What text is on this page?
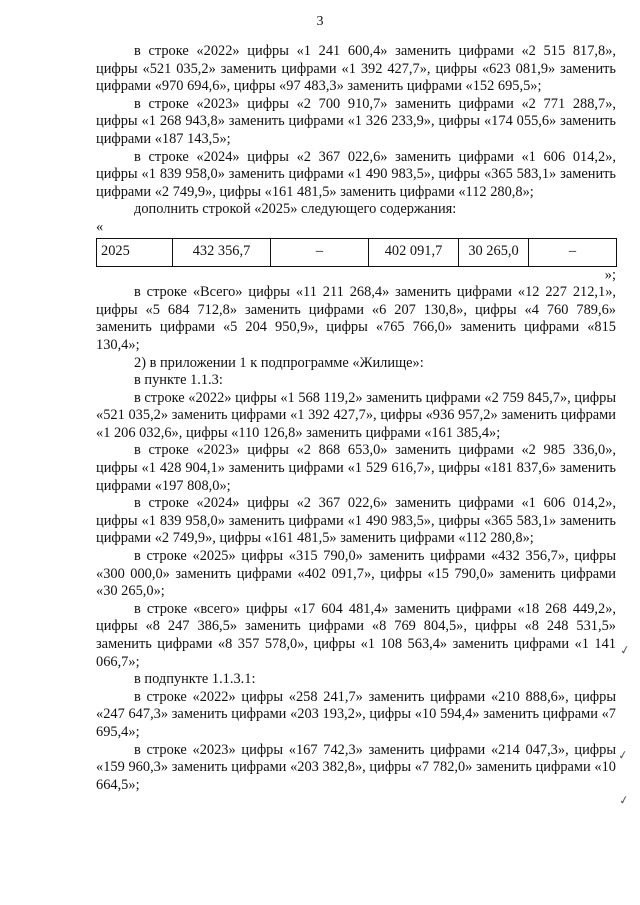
3

в строке «2022» цифры «1 241 600,4» заменить цифрами «2 515 817,8», цифры «521 035,2» заменить цифрами «1 392 427,7», цифры «623 081,9» заменить цифрами «970 694,6», цифры «97 483,3» заменить цифрами «152 695,5»;

в строке «2023» цифры «2 700 910,7» заменить цифрами «2 771 288,7», цифры «1 268 943,8» заменить цифрами «1 326 233,9», цифры «174 055,6» заменить цифрами «187 143,5»;

в строке «2024» цифры «2 367 022,6» заменить цифрами «1 606 014,2», цифры «1 839 958,0» заменить цифрами «1 490 983,5», цифры «365 583,1» заменить цифрами «2 749,9», цифры «161 481,5» заменить цифрами «112 280,8»;

дополнить строкой «2025» следующего содержания:

«

2025	432 356,7	–	402 091,7	30 265,0	–

»;

в строке «Всего» цифры «11 211 268,4» заменить цифрами «12 227 212,1», цифры «5 684 712,8» заменить цифрами «6 207 130,8», цифры «4 760 789,6» заменить цифрами «5 204 950,9», цифры «765 766,0» заменить цифрами «815 130,4»;

2) в приложении 1 к подпрограмме «Жилище»:

в пункте 1.1.3:

в строке «2022» цифры «1 568 119,2» заменить цифрами «2 759 845,7», цифры «521 035,2» заменить цифрами «1 392 427,7», цифры «936 957,2» заменить цифрами «1 206 032,6», цифры «110 126,8» заменить цифрами «161 385,4»;

в строке «2023» цифры «2 868 653,0» заменить цифрами «2 985 336,0», цифры «1 428 904,1» заменить цифрами «1 529 616,7», цифры «181 837,6» заменить цифрами «197 808,0»;

в строке «2024» цифры «2 367 022,6» заменить цифрами «1 606 014,2», цифры «1 839 958,0» заменить цифрами «1 490 983,5», цифры «365 583,1» заменить цифрами «2 749,9», цифры «161 481,5» заменить цифрами «112 280,8»;

в строке «2025» цифры «315 790,0» заменить цифрами «432 356,7», цифры «300 000,0» заменить цифрами «402 091,7», цифры «15 790,0» заменить цифрами «30 265,0»;

в строке «всего» цифры «17 604 481,4» заменить цифрами «18 268 449,2», цифры «8 247 386,5» заменить цифрами «8 769 804,5», цифры «8 248 531,5» заменить цифрами «8 357 578,0», цифры «1 108 563,4» заменить цифрами «1 141 066,7»;

в подпункте 1.1.3.1:

в строке «2022» цифры «258 241,7» заменить цифрами «210 888,6», цифры «247 647,3» заменить цифрами «203 193,2», цифры «10 594,4» заменить цифрами «7 695,4»;

в строке «2023» цифры «167 742,3» заменить цифрами «214 047,3», цифры «159 960,3» заменить цифрами «203 382,8», цифры «7 782,0» заменить цифрами «10 664,5»;

✓
✓
✓
